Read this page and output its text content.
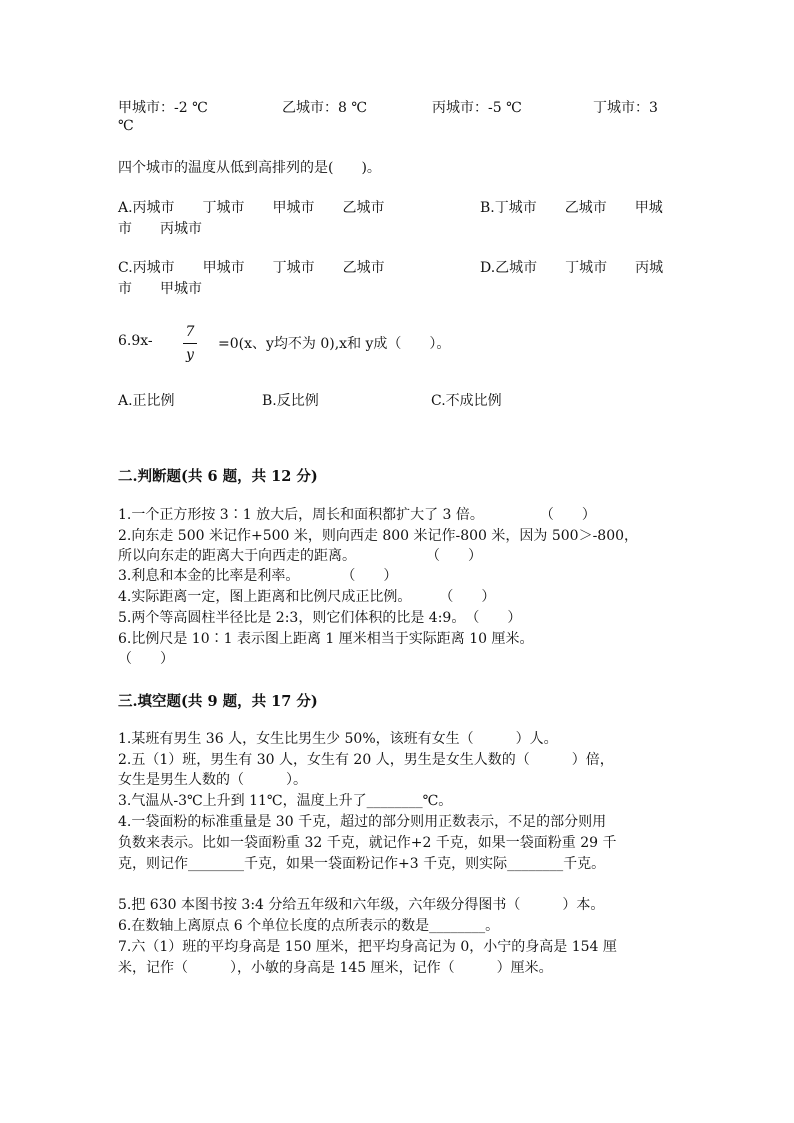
甲城市：-2 ℃	乙城市：8 ℃	丙城市：-5 ℃	丁城市：3
℃
四个城市的温度从低到高排列的是(　　)。
A.丙城市　　丁城市　　甲城市　　乙城市	B.丁城市　　乙城市　　甲城
市　　丙城市
C.丙城市　　甲城市　　丁城市　　乙城市	D.乙城市　　丁城市　　丙城
市　　甲城市
6.9x-
7
y
=0(x、y均不为 0),x和 y成（　　）。
A.正比例	B.反比例	C.不成比例
二.判断题(共 6 题，共 12 分)
1.一个正方形按 3∶1 放大后，周长和面积都扩大了 3 倍。　　　　　（　　）
2.向东走 500 米记作+500 米，则向西走 800 米记作-800 米，因为 500＞-800，
所以向东走的距离大于向西走的距离。　　　　　　（　　）
3.利息和本金的比率是利率。　　　　（　　）
4.实际距离一定，图上距离和比例尺成正比例。　　　（　　）
5.两个等高圆柱半径比是 2:3，则它们体积的比是 4:9。　（　　）
6.比例尺是 10∶1 表示图上距离 1 厘米相当于实际距离 10 厘米。
（　　）
三.填空题(共 9 题，共 17 分)
1.某班有男生 36 人，女生比男生少 50%，该班有女生（　　　）人。
2.五（1）班，男生有 30 人，女生有 20 人，男生是女生人数的（　　　）倍，
女生是男生人数的（　　　）。
3.气温从-3℃上升到 11℃，温度上升了________℃。
4.一袋面粉的标准重量是 30 千克，超过的部分则用正数表示，不足的部分则用
负数来表示。比如一袋面粉重 32 千克，就记作+2 千克，如果一袋面粉重 29 千
克，则记作________千克，如果一袋面粉记作+3 千克，则实际________千克。
5.把 630 本图书按 3:4 分给五年级和六年级，六年级分得图书（　　　）本。
6.在数轴上离原点 6 个单位长度的点所表示的数是________。
7.六（1）班的平均身高是 150 厘米，把平均身高记为 0，小宁的身高是 154 厘
米，记作（　　　），小敏的身高是 145 厘米，记作（　　　）厘米。
